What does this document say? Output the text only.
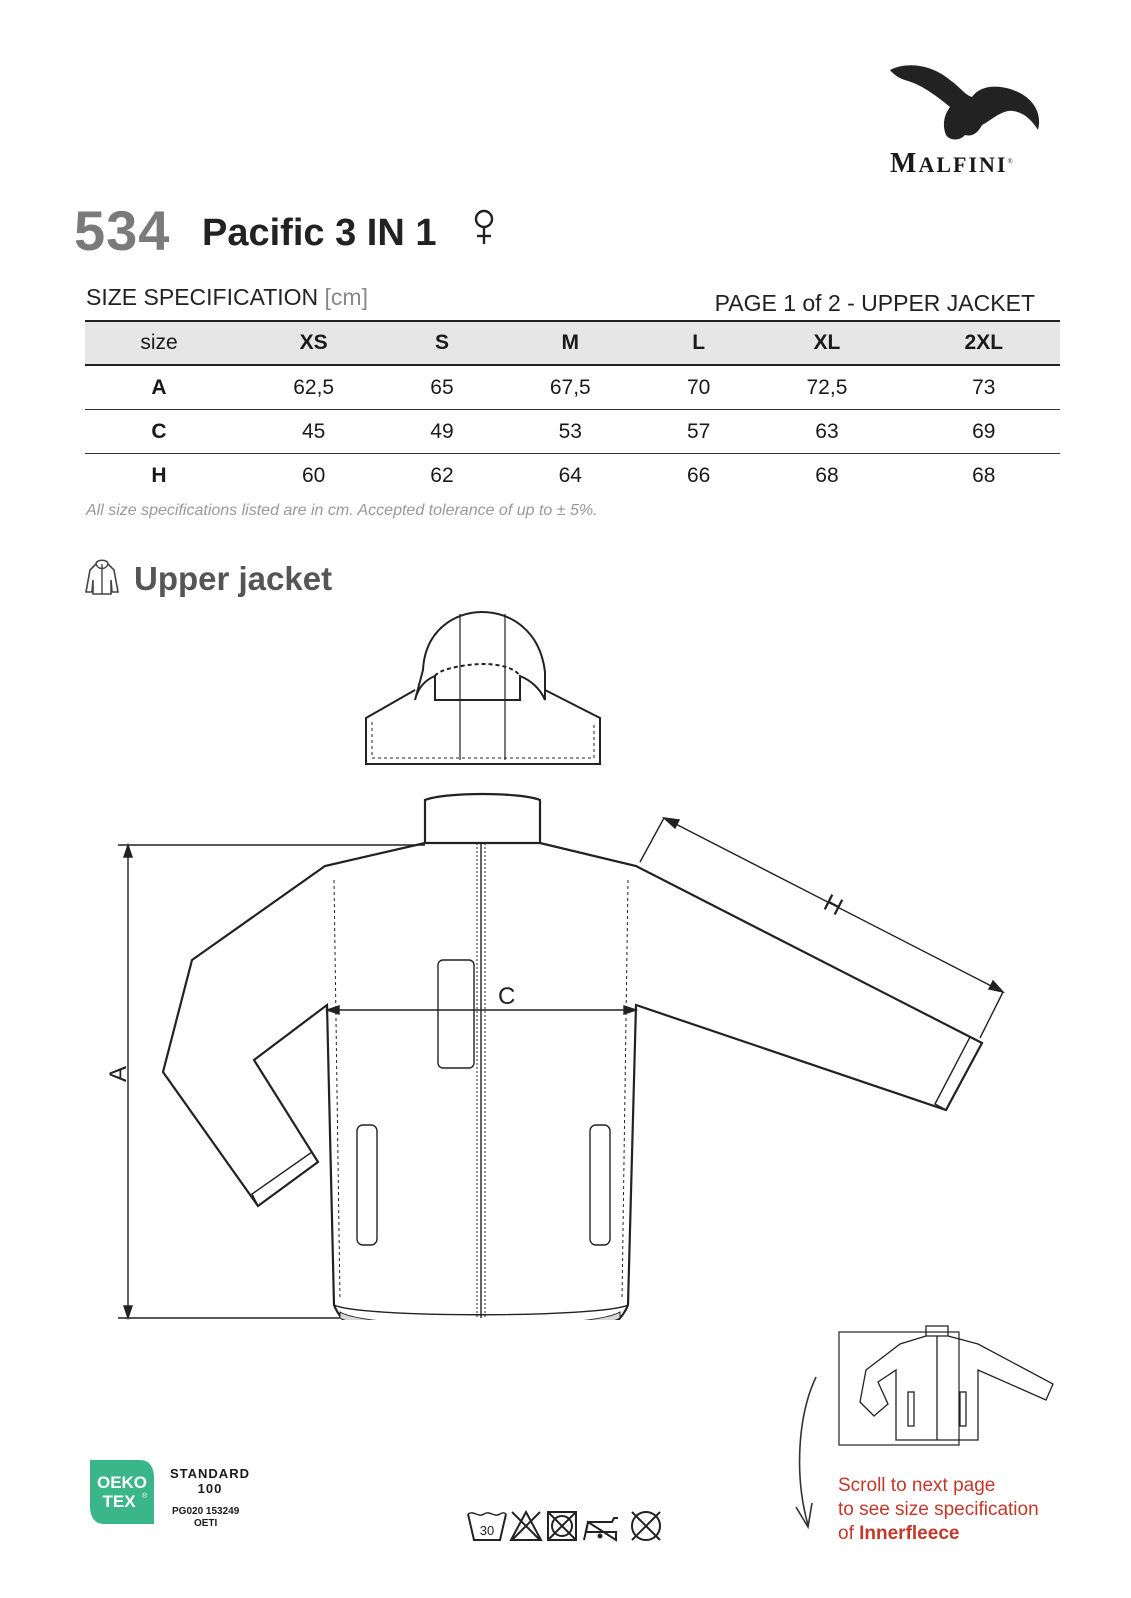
MALFINI®
534 Pacific 3 IN 1
SIZE SPECIFICATION [cm]	PAGE 1 of 2 - UPPER JACKET
size	XS	S	M	L	XL	2XL
A	62,5	65	67,5	70	72,5	73
C	45	49	53	57	63	69
H	60	62	64	66	68	68
All size specifications listed are in cm. Accepted tolerance of up to ± 5%.
Upper jacket
A
C
H
Scroll to next page
to see size specification
of Innerfleece
OEKO
TEX ®
STANDARD
100
PG020 153249
OETI	30
